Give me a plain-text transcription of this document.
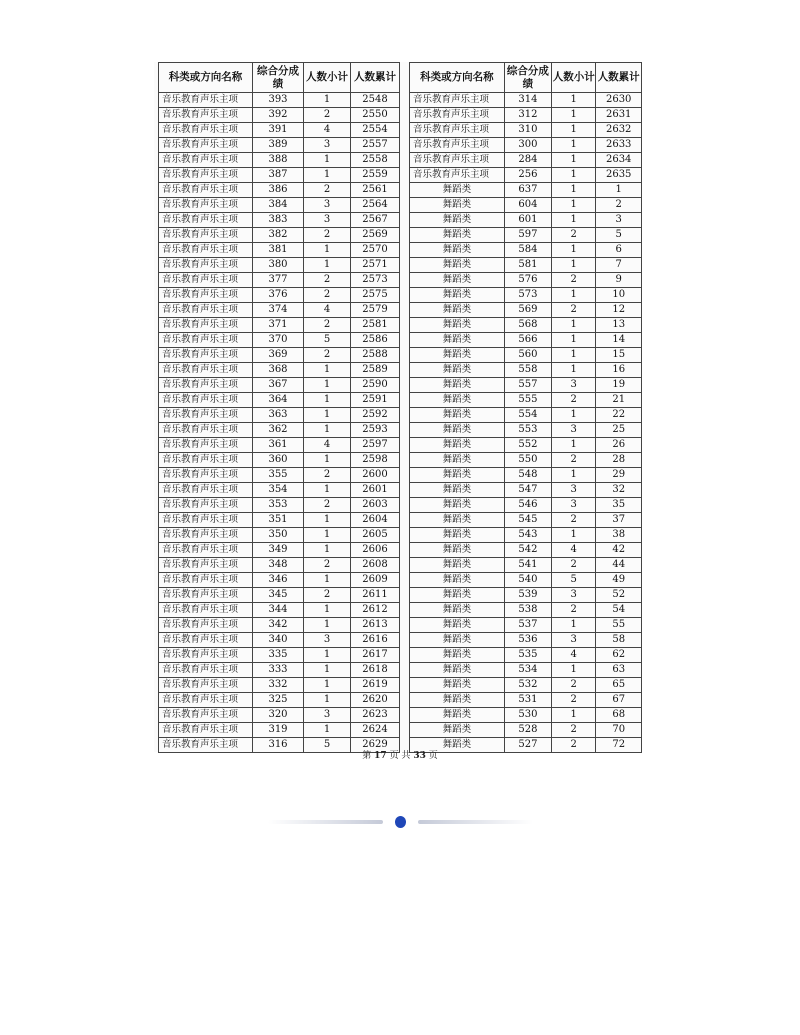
科类或方向名称	综合分成绩	人数小计	人数累计
音乐教育声乐主项	393	1	2548
音乐教育声乐主项	392	2	2550
音乐教育声乐主项	391	4	2554
音乐教育声乐主项	389	3	2557
音乐教育声乐主项	388	1	2558
音乐教育声乐主项	387	1	2559
音乐教育声乐主项	386	2	2561
音乐教育声乐主项	384	3	2564
音乐教育声乐主项	383	3	2567
音乐教育声乐主项	382	2	2569
音乐教育声乐主项	381	1	2570
音乐教育声乐主项	380	1	2571
音乐教育声乐主项	377	2	2573
音乐教育声乐主项	376	2	2575
音乐教育声乐主项	374	4	2579
音乐教育声乐主项	371	2	2581
音乐教育声乐主项	370	5	2586
音乐教育声乐主项	369	2	2588
音乐教育声乐主项	368	1	2589
音乐教育声乐主项	367	1	2590
音乐教育声乐主项	364	1	2591
音乐教育声乐主项	363	1	2592
音乐教育声乐主项	362	1	2593
音乐教育声乐主项	361	4	2597
音乐教育声乐主项	360	1	2598
音乐教育声乐主项	355	2	2600
音乐教育声乐主项	354	1	2601
音乐教育声乐主项	353	2	2603
音乐教育声乐主项	351	1	2604
音乐教育声乐主项	350	1	2605
音乐教育声乐主项	349	1	2606
音乐教育声乐主项	348	2	2608
音乐教育声乐主项	346	1	2609
音乐教育声乐主项	345	2	2611
音乐教育声乐主项	344	1	2612
音乐教育声乐主项	342	1	2613
音乐教育声乐主项	340	3	2616
音乐教育声乐主项	335	1	2617
音乐教育声乐主项	333	1	2618
音乐教育声乐主项	332	1	2619
音乐教育声乐主项	325	1	2620
音乐教育声乐主项	320	3	2623
音乐教育声乐主项	319	1	2624
音乐教育声乐主项	316	5	2629
科类或方向名称	综合分成绩	人数小计	人数累计
音乐教育声乐主项	314	1	2630
音乐教育声乐主项	312	1	2631
音乐教育声乐主项	310	1	2632
音乐教育声乐主项	300	1	2633
音乐教育声乐主项	284	1	2634
音乐教育声乐主项	256	1	2635
舞蹈类	637	1	1
舞蹈类	604	1	2
舞蹈类	601	1	3
舞蹈类	597	2	5
舞蹈类	584	1	6
舞蹈类	581	1	7
舞蹈类	576	2	9
舞蹈类	573	1	10
舞蹈类	569	2	12
舞蹈类	568	1	13
舞蹈类	566	1	14
舞蹈类	560	1	15
舞蹈类	558	1	16
舞蹈类	557	3	19
舞蹈类	555	2	21
舞蹈类	554	1	22
舞蹈类	553	3	25
舞蹈类	552	1	26
舞蹈类	550	2	28
舞蹈类	548	1	29
舞蹈类	547	3	32
舞蹈类	546	3	35
舞蹈类	545	2	37
舞蹈类	543	1	38
舞蹈类	542	4	42
舞蹈类	541	2	44
舞蹈类	540	5	49
舞蹈类	539	3	52
舞蹈类	538	2	54
舞蹈类	537	1	55
舞蹈类	536	3	58
舞蹈类	535	4	62
舞蹈类	534	1	63
舞蹈类	532	2	65
舞蹈类	531	2	67
舞蹈类	530	1	68
舞蹈类	528	2	70
舞蹈类	527	2	72
第 17 页 共 33 页
